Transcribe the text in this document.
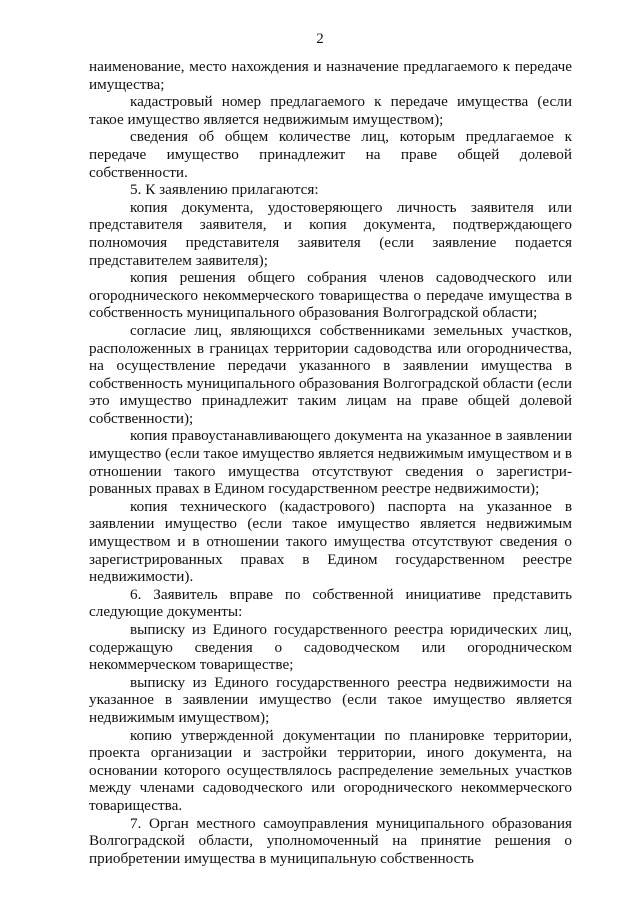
2

наименование, место нахождения и назначение предлагаемого к передаче имущества;

кадастровый номер предлагаемого к передаче имущества (если такое имущество является недвижимым имуществом);

сведения об общем количестве лиц, которым предлагаемое к передаче имущество принадлежит на праве общей долевой собственности.

5. К заявлению прилагаются:

копия документа, удостоверяющего личность заявителя или представителя заявителя, и копия документа, подтверждающего полномочия представителя заявителя (если заявление подается представителем заявителя);

копия решения общего собрания членов садоводческого или огороднического некоммерческого товарищества о передаче имущества в собственность муниципального образования Волгоградской области;

согласие лиц, являющихся собственниками земельных участков, расположенных в границах территории садоводства или огородничества, на осуществление передачи указанного в заявлении имущества в собственность муниципального образования Волгоградской области (если это имущество принадлежит таким лицам на праве общей долевой собственности);

копия правоустанавливающего документа на указанное в заявлении имущество (если такое имущество является недвижимым имуществом и в отношении такого имущества отсутствуют сведения о зарегистрированных правах в Едином государственном реестре недвижимости);

копия технического (кадастрового) паспорта на указанное в заявлении имущество (если такое имущество является недвижимым имуществом и в отношении такого имущества отсутствуют сведения о зарегистрированных правах в Едином государственном реестре недвижимости).

6. Заявитель вправе по собственной инициативе представить следующие документы:

выписку из Единого государственного реестра юридических лиц, содержащую сведения о садоводческом или огородническом некоммерческом товариществе;

выписку из Единого государственного реестра недвижимости на указанное в заявлении имущество (если такое имущество является недвижимым имуществом);

копию утвержденной документации по планировке территории, проекта организации и застройки территории, иного документа, на основании которого осуществлялось распределение земельных участков между членами садоводческого или огороднического некоммерческого товарищества.

7. Орган местного самоуправления муниципального образования Волгоградской области, уполномоченный на принятие решения о приобретении имущества в муниципальную собственность
